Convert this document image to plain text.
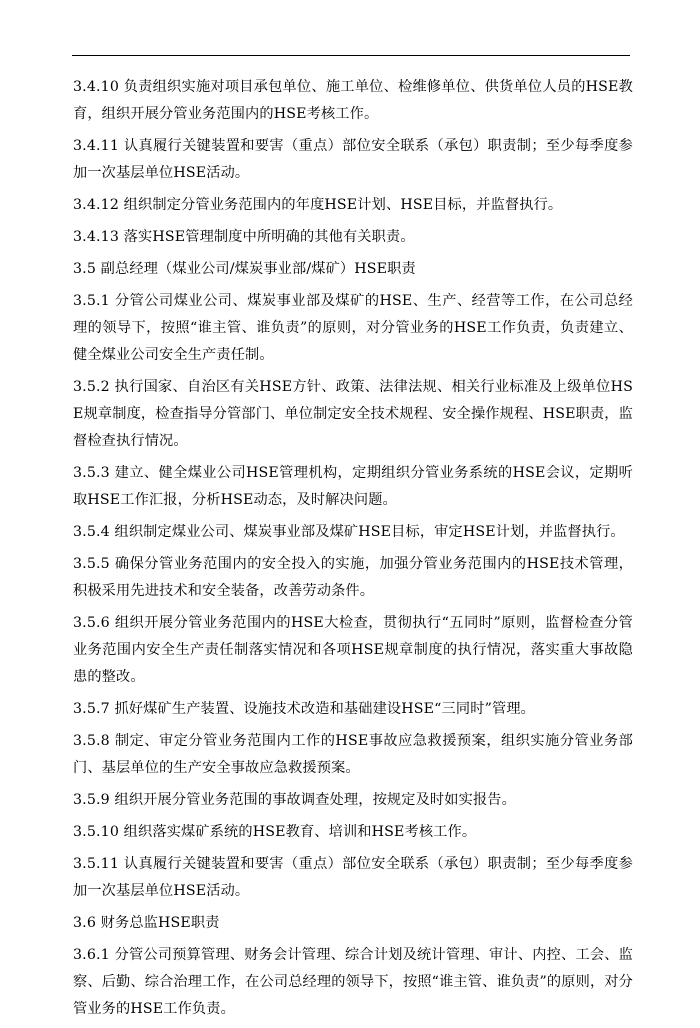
3.4.10 负责组织实施对项目承包单位、施工单位、检维修单位、供货单位人员的HSE教育，组织开展分管业务范围内的HSE考核工作。

3.4.11 认真履行关键装置和要害（重点）部位安全联系（承包）职责制；至少每季度参加一次基层单位HSE活动。

3.4.12 组织制定分管业务范围内的年度HSE计划、HSE目标，并监督执行。

3.4.13 落实HSE管理制度中所明确的其他有关职责。

3.5 副总经理（煤业公司/煤炭事业部/煤矿）HSE职责

3.5.1 分管公司煤业公司、煤炭事业部及煤矿的HSE、生产、经营等工作，在公司总经理的领导下，按照“谁主管、谁负责”的原则，对分管业务的HSE工作负责，负责建立、健全煤业公司安全生产责任制。

3.5.2 执行国家、自治区有关HSE方针、政策、法律法规、相关行业标准及上级单位HSE规章制度，检查指导分管部门、单位制定安全技术规程、安全操作规程、HSE职责，监督检查执行情况。

3.5.3 建立、健全煤业公司HSE管理机构，定期组织分管业务系统的HSE会议，定期听取HSE工作汇报，分析HSE动态，及时解决问题。

3.5.4 组织制定煤业公司、煤炭事业部及煤矿HSE目标，审定HSE计划，并监督执行。

3.5.5 确保分管业务范围内的安全投入的实施，加强分管业务范围内的HSE技术管理，积极采用先进技术和安全装备，改善劳动条件。

3.5.6 组织开展分管业务范围内的HSE大检查，贯彻执行“五同时”原则，监督检查分管业务范围内安全生产责任制落实情况和各项HSE规章制度的执行情况，落实重大事故隐患的整改。

3.5.7 抓好煤矿生产装置、设施技术改造和基础建设HSE“三同时”管理。

3.5.8 制定、审定分管业务范围内工作的HSE事故应急救援预案，组织实施分管业务部门、基层单位的生产安全事故应急救援预案。

3.5.9 组织开展分管业务范围的事故调查处理，按规定及时如实报告。

3.5.10 组织落实煤矿系统的HSE教育、培训和HSE考核工作。

3.5.11 认真履行关键装置和要害（重点）部位安全联系（承包）职责制；至少每季度参加一次基层单位HSE活动。

3.6 财务总监HSE职责

3.6.1 分管公司预算管理、财务会计管理、综合计划及统计管理、审计、内控、工会、监察、后勤、综合治理工作，在公司总经理的领导下，按照“谁主管、谁负责”的原则，对分管业务的HSE工作负责。
